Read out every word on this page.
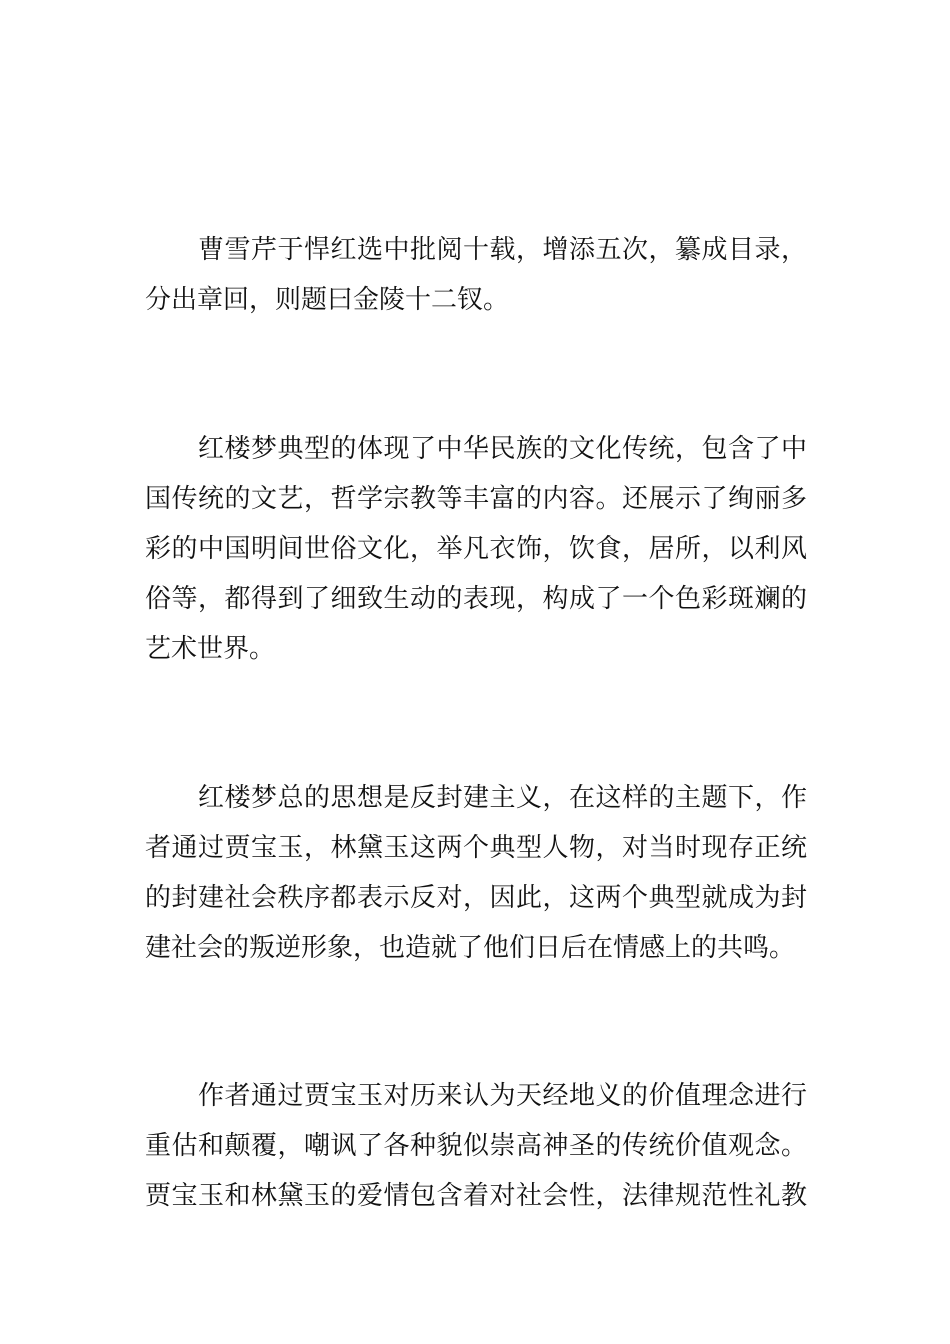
曹雪芹于悍红选中批阅十载，增添五次，纂成目录，
分出章回，则题曰金陵十二钗。
红楼梦典型的体现了中华民族的文化传统，包含了中
国传统的文艺，哲学宗教等丰富的内容。还展示了绚丽多
彩的中国明间世俗文化，举凡衣饰，饮食，居所，以利风
俗等，都得到了细致生动的表现，构成了一个色彩斑斓的
艺术世界。
红楼梦总的思想是反封建主义，在这样的主题下，作
者通过贾宝玉，林黛玉这两个典型人物，对当时现存正统
的封建社会秩序都表示反对，因此，这两个典型就成为封
建社会的叛逆形象，也造就了他们日后在情感上的共鸣。
作者通过贾宝玉对历来认为天经地义的价值理念进行
重估和颠覆，嘲讽了各种貌似崇高神圣的传统价值观念。
贾宝玉和林黛玉的爱情包含着对社会性，法律规范性礼教
